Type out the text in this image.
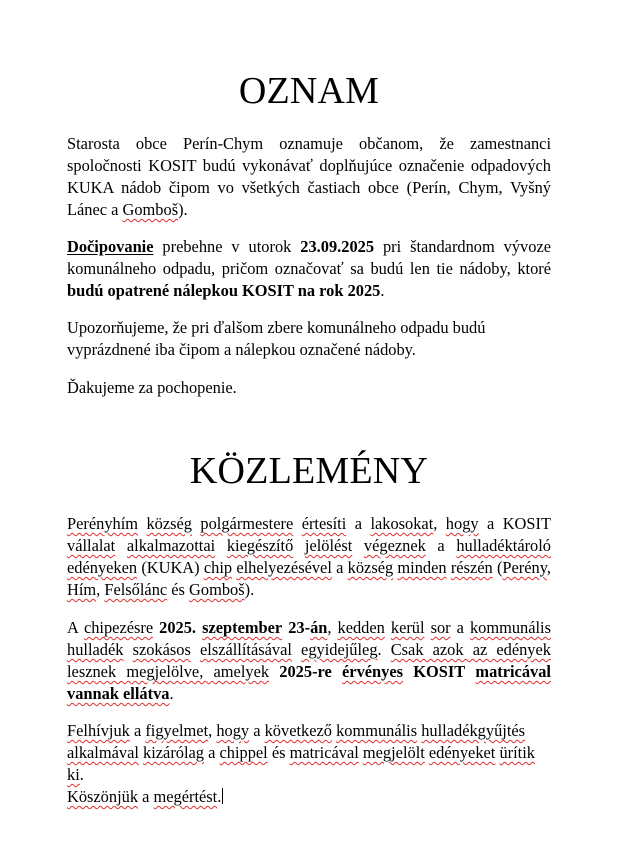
OZNAM

Starosta obce Perín-Chym oznamuje občanom, že zamestnanci spoločnosti KOSIT budú vykonávať doplňujúce označenie odpadových KUKA nádob čipom vo všetkých častiach obce (Perín, Chym, Vyšný Lánec a Gomboš).

Dočipovanie prebehne v utorok 23.09.2025 pri štandardnom vývoze komunálneho odpadu, pričom označovať sa budú len tie nádoby, ktoré budú opatrené nálepkou KOSIT na rok 2025.

Upozorňujeme, že pri ďalšom zbere komunálneho odpadu budú vyprázdnené iba čipom a nálepkou označené nádoby.

Ďakujeme za pochopenie.

KÖZLEMÉNY

Perényhím község polgármestere értesíti a lakosokat, hogy a KOSIT vállalat alkalmazottai kiegészítő jelölést végeznek a hulladéktároló edényeken (KUKA) chip elhelyezésével a község minden részén (Perény, Hím, Felsőlánc és Gomboš).

A chipezésre 2025. szeptember 23-án, kedden kerül sor a kommunális hulladék szokásos elszállításával egyidejűleg. Csak azok az edények lesznek megjelölve, amelyek 2025-re érvényes KOSIT matricával vannak ellátva.

Felhívjuk a figyelmet, hogy a következő kommunális hulladékgyűjtés alkalmával kizárólag a chippel és matricával megjelölt edényeket ürítik ki.
Köszönjük a megértést.
